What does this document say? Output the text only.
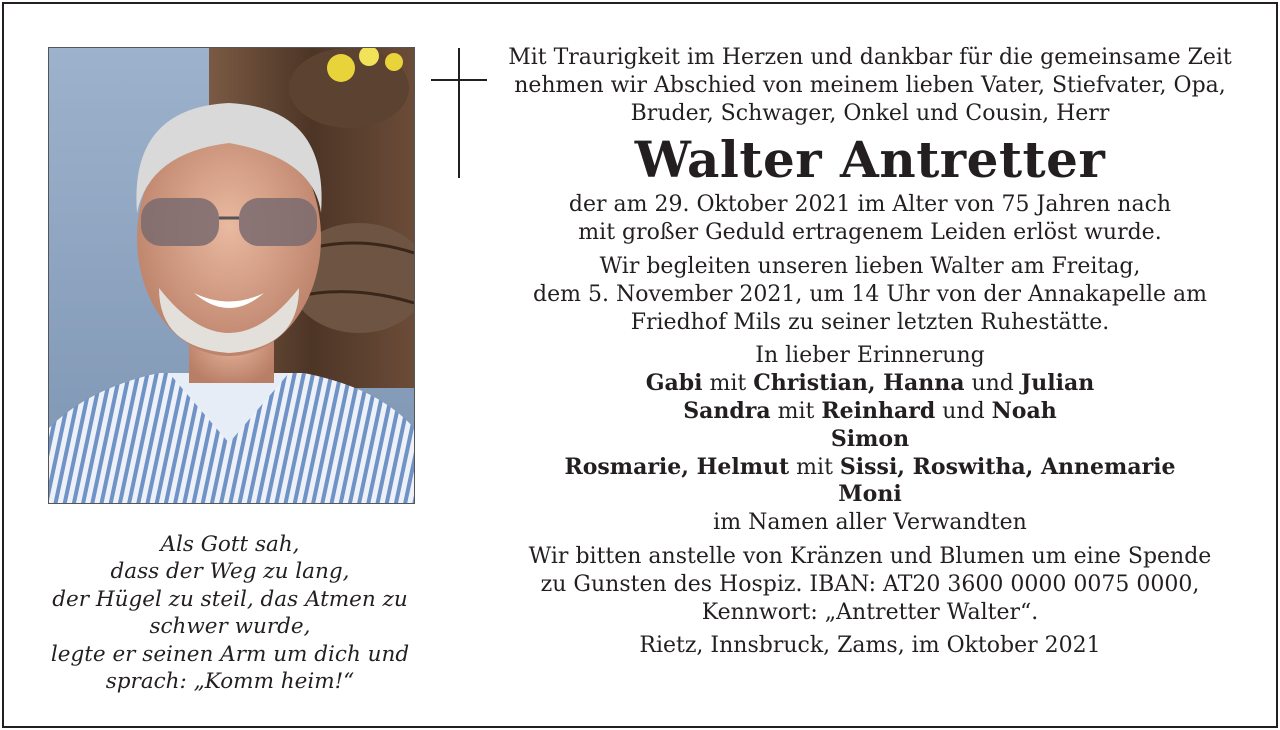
Als Gott sah,
dass der Weg zu lang,
der Hügel zu steil, das Atmen zu
schwer wurde,
legte er seinen Arm um dich und
sprach: „Komm heim!“
Mit Traurigkeit im Herzen und dankbar für die gemeinsame Zeit
nehmen wir Abschied von meinem lieben Vater, Stiefvater, Opa,
Bruder, Schwager, Onkel und Cousin, Herr
Walter Antretter
der am 29. Oktober 2021 im Alter von 75 Jahren nach
mit großer Geduld ertragenem Leiden erlöst wurde.
Wir begleiten unseren lieben Walter am Freitag,
dem 5. November 2021, um 14 Uhr von der Annakapelle am
Friedhof Mils zu seiner letzten Ruhestätte.
In lieber Erinnerung
Gabi mit Christian, Hanna und Julian
Sandra mit Reinhard und Noah
Simon
Rosmarie, Helmut mit Sissi, Roswitha, Annemarie
Moni
im Namen aller Verwandten
Wir bitten anstelle von Kränzen und Blumen um eine Spende
zu Gunsten des Hospiz. IBAN: AT20 3600 0000 0075 0000,
Kennwort: „Antretter Walter“.
Rietz, Innsbruck, Zams, im Oktober 2021
